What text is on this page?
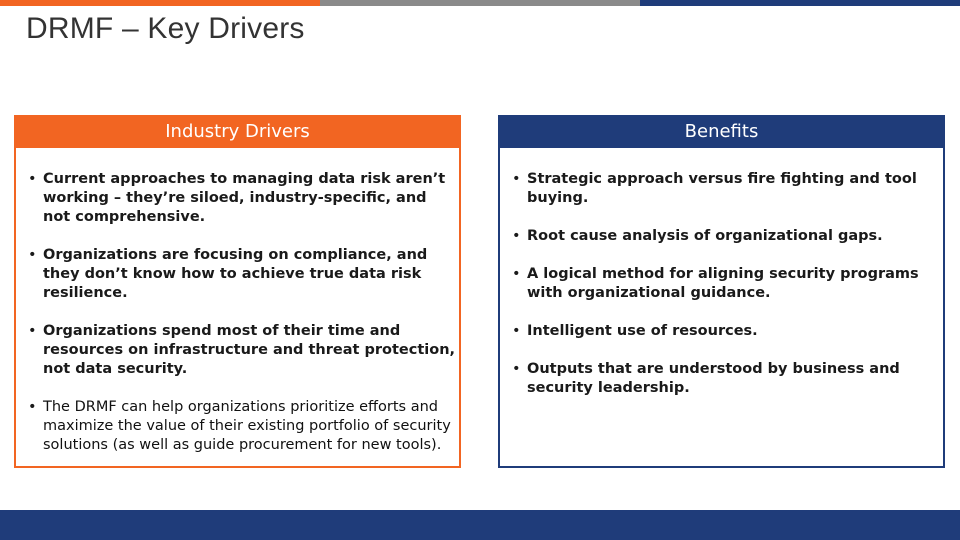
DRMF – Key Drivers
Industry Drivers
• Current approaches to managing data risk aren’t working – they’re siloed, industry-specific, and not comprehensive.
• Organizations are focusing on compliance, and they don’t know how to achieve true data risk resilience.
• Organizations spend most of their time and resources on infrastructure and threat protection, not data security.
• The DRMF can help organizations prioritize efforts and maximize the value of their existing portfolio of security solutions (as well as guide procurement for new tools).
Benefits
• Strategic approach versus fire fighting and tool buying.
• Root cause analysis of organizational gaps.
• A logical method for aligning security programs with organizational guidance.
• Intelligent use of resources.
• Outputs that are understood by business and security leadership.
